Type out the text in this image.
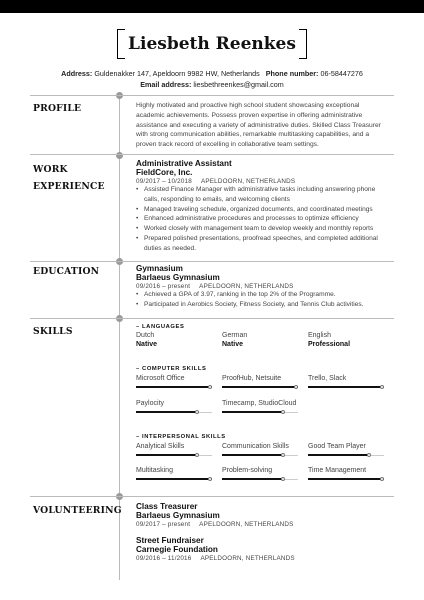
Liesbeth Reenkes
Address: Guldenakker 147, Apeldoorn 9982 HW, Netherlands Phone number: 06-58447276
Email address: liesbethreenkes@gmail.com
PROFILE	Highly motivated and proactive high school student showcasing exceptional
academic achievements. Possess proven expertise in offering administrative
assistance and executing a variety of administrative duties. Skilled Class Treasurer
with strong communication abilities, remarkable multitasking capabilities, and a
proven track record of excelling in collaborative team settings.
WORK
EXPERIENCE
Administrative Assistant
FieldCore, Inc.
09/2017 – 10/2018 APELDOORN, NETHERLANDS
• Assisted Finance Manager with administrative tasks including answering phone
calls, responding to emails, and welcoming clients
• Managed traveling schedule, organized documents, and coordinated meetings
• Enhanced administrative procedures and processes to optimize efficiency
• Worked closely with management team to develop weekly and monthly reports
• Prepared polished presentations, proofread speeches, and completed additional
duties as needed.
EDUCATION	Gymnasium
Barlaeus Gymnasium
09/2016 – present APELDOORN, NETHERLANDS
• Achieved a GPA of 3.97, ranking in the top 2% of the Programme.
• Participated in Aerobics Society, Fitness Society, and Tennis Club activities.
SKILLS	– LANGUAGES
Dutch
Native
German
Native
English
Professional
– COMPUTER SKILLS
Microsoft Office	ProofHub, Netsuite	Trello, Slack
Paylocity	Timecamp, StudioCloud
– INTERPERSONAL SKILLS
Analytical Skills	Communication Skills	Good Team Player
Multitasking	Problem-solving	Time Management
VOLUNTEERING Class Treasurer
Barlaeus Gymnasium
09/2017 – present APELDOORN, NETHERLANDS
Street Fundraiser
Carnegie Foundation
09/2016 – 11/2016 APELDOORN, NETHERLANDS
